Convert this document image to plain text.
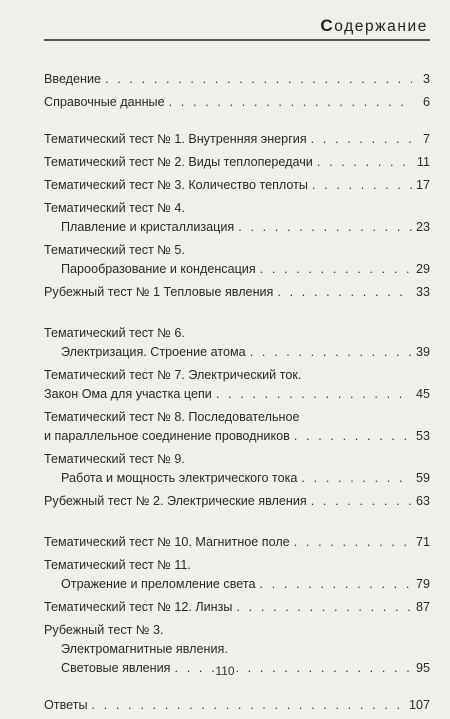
Содержание
Введение . . .	3
Справочные данные . . .	6
Тематический тест № 1. Внутренняя энергия . . .	7
Тематический тест № 2. Виды теплопередачи . . .	11
Тематический тест № 3. Количество теплоты . . .	17
Тематический тест № 4.
Плавление и кристаллизация . . .	23
Тематический тест № 5.
Парообразование и конденсация . . .	29
Рубежный тест № 1 Тепловые явления . . .	33
Тематический тест № 6.
Электризация. Строение атома . . .	39
Тематический тест № 7. Электрический ток.
Закон Ома для участка цепи . . .	45
Тематический тест № 8. Последовательное
и параллельное соединение проводников . . .	53
Тематический тест № 9.
Работа и мощность электрического тока . . .	59
Рубежный тест № 2. Электрические явления . . .	63
Тематический тест № 10. Магнитное поле . . .	71
Тематический тест № 11.
Отражение и преломление света . . .	79
Тематический тест № 12. Линзы . . .	87
Рубежный тест № 3.
Электромагнитные явления.
Световые явления . . .	95
Ответы . . .	107
110
